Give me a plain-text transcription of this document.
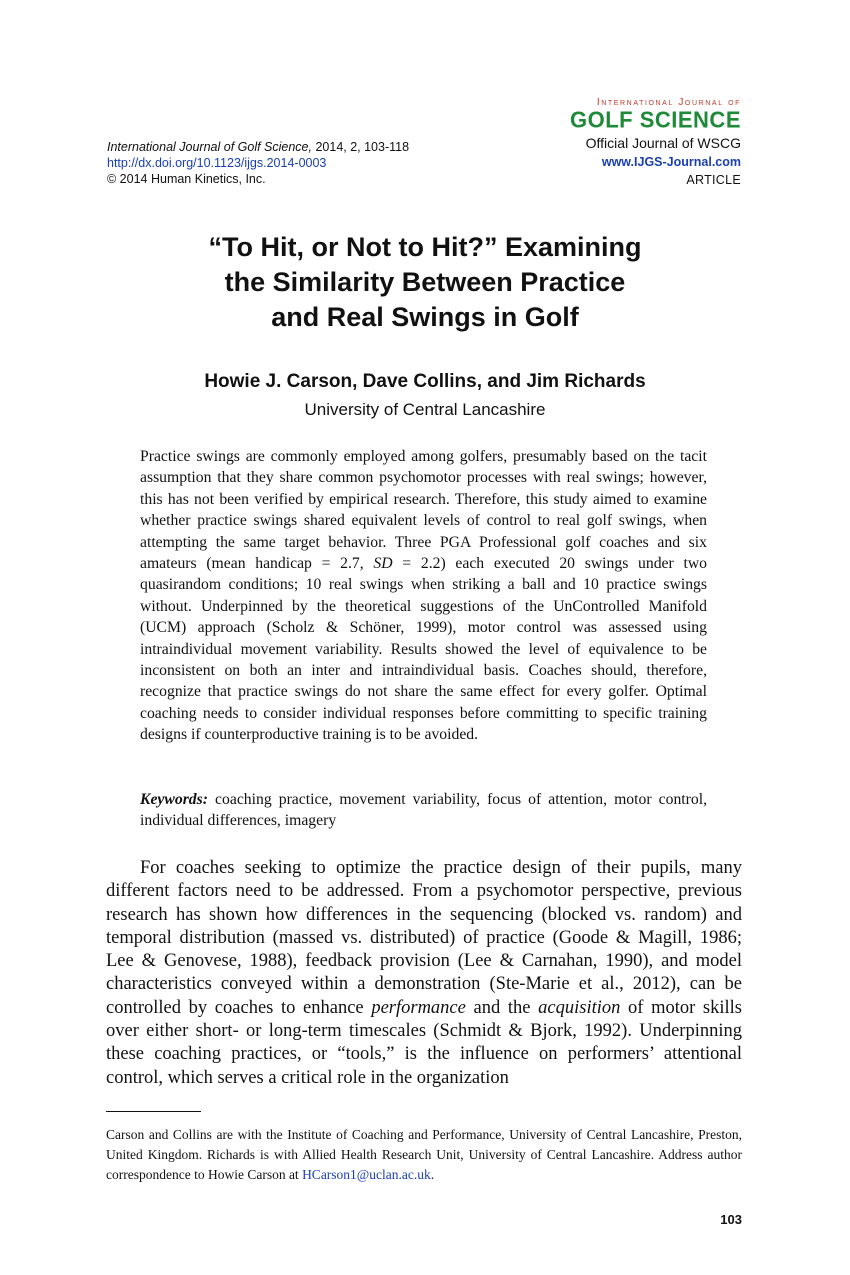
International Journal of Golf Science, 2014, 2, 103-118
http://dx.doi.org/10.1123/ijgs.2014-0003
© 2014 Human Kinetics, Inc.
International Journal of
GOLF SCIENCE
Official Journal of WSCG
www.IJGS-Journal.com
ARTICLE
“To Hit, or Not to Hit?” Examining
the Similarity Between Practice
and Real Swings in Golf
Howie J. Carson, Dave Collins, and Jim Richards
University of Central Lancashire
Practice swings are commonly employed among golfers, presumably based on the tacit assumption that they share common psychomotor processes with real swings; however, this has not been verified by empirical research. Therefore, this study aimed to examine whether practice swings shared equivalent levels of control to real golf swings, when attempting the same target behavior. Three PGA Professional golf coaches and six amateurs (mean handicap = 2.7, SD = 2.2) each executed 20 swings under two quasirandom conditions; 10 real swings when striking a ball and 10 practice swings without. Underpinned by the theoretical suggestions of the UnControlled Manifold (UCM) approach (Scholz & Schöner, 1999), motor control was assessed using intraindividual movement variability. Results showed the level of equivalence to be inconsistent on both an inter and intraindividual basis. Coaches should, therefore, recognize that practice swings do not share the same effect for every golfer. Optimal coaching needs to consider individual responses before committing to specific training designs if counterproductive training is to be avoided.
Keywords: coaching practice, movement variability, focus of attention, motor control, individual differences, imagery
For coaches seeking to optimize the practice design of their pupils, many different factors need to be addressed. From a psychomotor perspective, previous research has shown how differences in the sequencing (blocked vs. random) and temporal distribution (massed vs. distributed) of practice (Goode & Magill, 1986; Lee & Genovese, 1988), feedback provision (Lee & Carnahan, 1990), and model characteristics conveyed within a demonstration (Ste-Marie et al., 2012), can be controlled by coaches to enhance performance and the acquisition of motor skills over either short- or long-term timescales (Schmidt & Bjork, 1992). Underpinning these coaching practices, or “tools,” is the influence on performers’ attentional control, which serves a critical role in the organization
Carson and Collins are with the Institute of Coaching and Performance, University of Central Lancashire, Preston, United Kingdom. Richards is with Allied Health Research Unit, University of Central Lancashire. Address author correspondence to Howie Carson at HCarson1@uclan.ac.uk.
103
